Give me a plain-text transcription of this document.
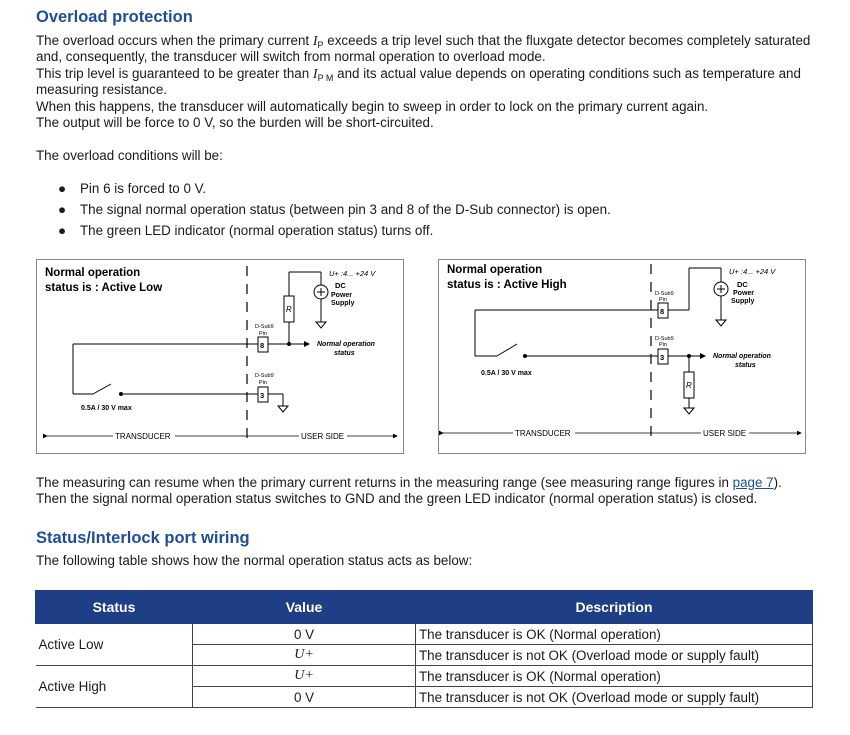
Overload protection

The overload occurs when the primary current $I_P$ exceeds a trip level such that the fluxgate detector becomes completely saturated

and, consequently, the transducer will switch from normal operation to overload mode.

This trip level is guaranteed to be greater than $I_{P M}$ and its actual value depends on operating conditions such as temperature and

measuring resistance.

When this happens, the transducer will automatically begin to sweep in order to lock on the primary current again.

The output will be force to 0 V, so the burden will be short-circuited.

The overload conditions will be:

● Pin 6 is forced to 0 V.
● The signal normal operation status (between pin 3 and 8 of the D-Sub connector) is open.
● The green LED indicator (normal operation status) turns off.
Normal operation
status is : Active Low
U+ :4... +24 V
DC
Power
Supply
R
D-Sub9
Pin
8	Normal operation
status
0.5A / 30 V max
D-Sub9
Pin
3
TRANSDUCER	USER SIDE
Normal operation
status is : Active High
U+ :4... +24 V
DC
Power
Supply
D-Sub9
Pin
8
0.5A / 30 V max
D-Sub9
Pin
3	Normal operation
status
R
TRANSDUCER	USER SIDE

The measuring can resume when the primary current returns in the measuring range (see measuring range figures in page 7).

Then the signal normal operation status switches to GND and the green LED indicator (normal operation status) is closed.

Status/Interlock port wiring

The following table shows how the normal operation status acts as below:

Status	Value	Description
Active Low	0 V	The transducer is OK (Normal operation)
	U+	The transducer is not OK (Overload mode or supply fault)
Active High	U+	The transducer is OK (Normal operation)
	0 V	The transducer is not OK (Overload mode or supply fault)
